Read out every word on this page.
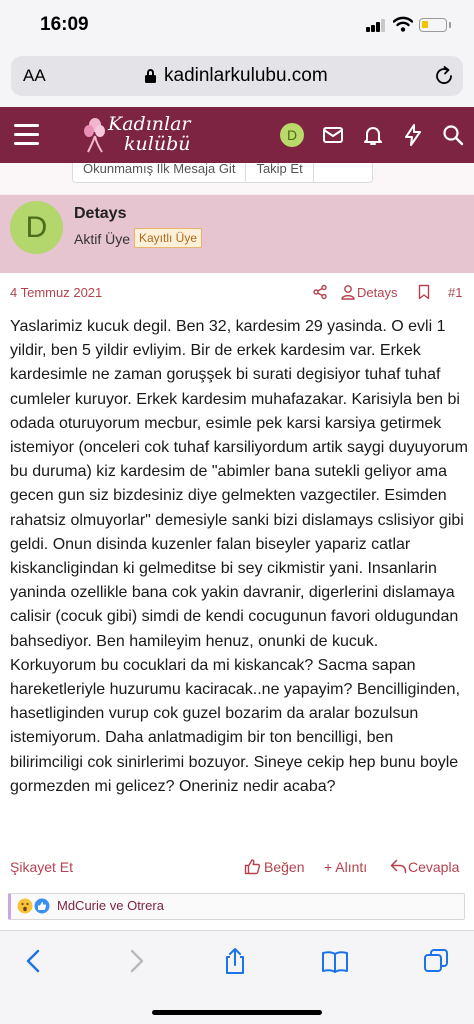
16:09
AA	kadinlarkulubu.com
Kadınlar
kulübü	D
Okunmamış İlk Mesaja Git	Takip Et
D	Detays
Aktif Üye Kayıtlı Üye
4 Temmuz 2021	Detays	#1
Yaslarimiz kucuk degil. Ben 32, kardesim 29 yasinda. O evli 1 yildir, ben 5 yildir evliyim. Bir de erkek kardesim var. Erkek kardesimle ne zaman goruşşek bi surati degisiyor tuhaf tuhaf cumleler kuruyor. Erkek kardesim muhafazakar. Karisiyla ben bi odada oturuyorum mecbur, esimle pek karsi karsiya getirmek istemiyor (onceleri cok tuhaf karsiliyordum artik saygi duyuyorum bu duruma) kiz kardesim de "abimler bana sutekli geliyor ama gecen gun siz bizdesiniz diye gelmekten vazgectiler. Esimden rahatsiz olmuyorlar" demesiyle sanki bizi dislamays cslisiyor gibi geldi. Onun disinda kuzenler falan biseyler yapariz catlar kiskancligindan ki gelmeditse bi sey cikmistir yani. Insanlarin yaninda ozellikle bana cok yakin davranir, digerlerini dislamaya calisir (cocuk gibi) simdi de kendi cocugunun favori oldugundan bahsediyor. Ben hamileyim henuz, onunki de kucuk. Korkuyorum bu cocuklari da mi kiskancak? Sacma sapan hareketleriyle huzurumu kaciracak..ne yapayim? Bencilliginden, hasetliginden vurup cok guzel bozarim da aralar bozulsun istemiyorum. Daha anlatmadigim bir ton bencilligi, ben bilirimciligi cok sinirlerimi bozuyor. Sineye cekip hep bunu boyle gormezden mi gelicez? Oneriniz nedir acaba?
Şikayet Et	Beğen + Alıntı	Cevapla
MdCurie ve Otrera
